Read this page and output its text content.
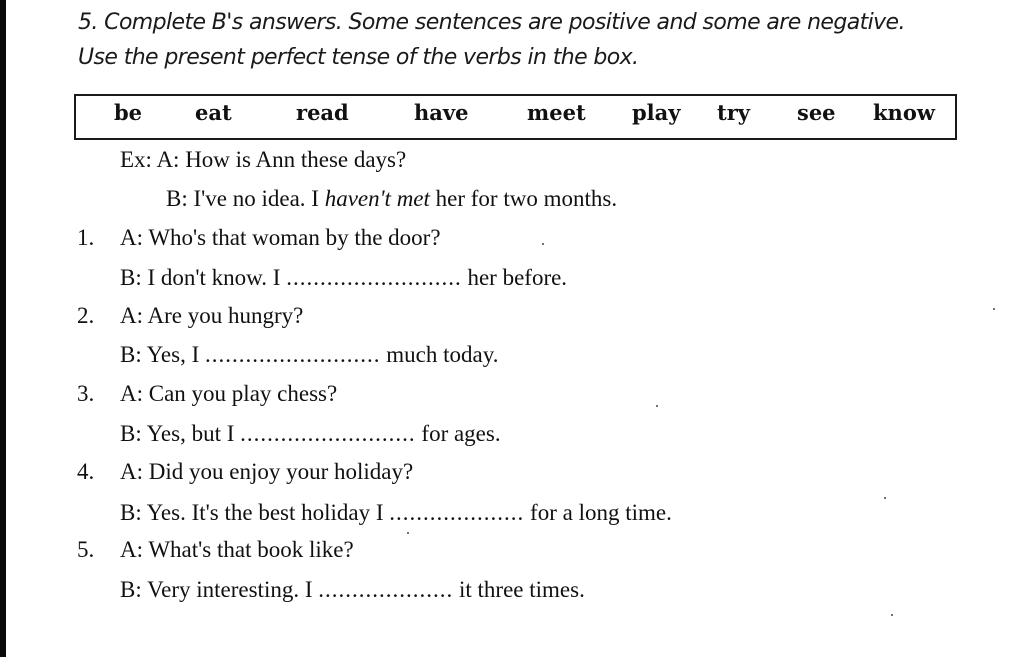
5. Complete B's answers. Some sentences are positive and some are negative.
Use the present perfect tense of the verbs in the box.
be	eat	read	have	meet play try see know
Ex: A: How is Ann these days?
B: I've no idea. I haven't met her for two months.
1. A: Who's that woman by the door?
B: I don't know. I .......................... her before.
2. A: Are you hungry?
B: Yes, I .......................... much today.
3. A: Can you play chess?
B: Yes, but I .......................... for ages.
4. A: Did you enjoy your holiday?
B: Yes. It's the best holiday I .................... for a long time.
5. A: What's that book like?
B: Very interesting. I .................... it three times.
